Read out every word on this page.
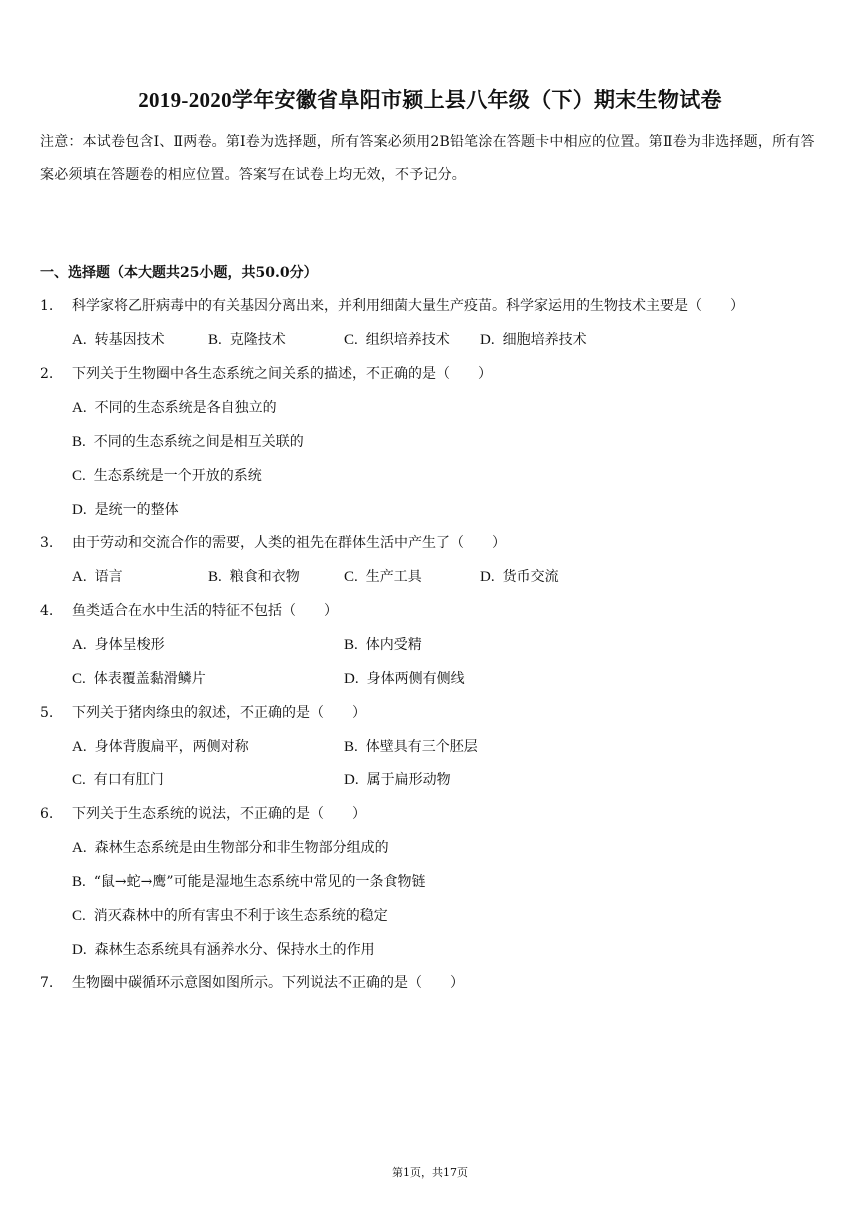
2019-2020学年安徽省阜阳市颍上县八年级（下）期末生物试卷
注意：本试卷包含Ⅰ、Ⅱ两卷。第Ⅰ卷为选择题，所有答案必须用2B铅笔涂在答题卡中相应的位置。第Ⅱ卷为非选择题，所有答案必须填在答题卷的相应位置。答案写在试卷上均无效，不予记分。
一、选择题（本大题共25小题，共50.0分）
1. 科学家将乙肝病毒中的有关基因分离出来，并利用细菌大量生产疫苗。科学家运用的生物技术主要是（　　）
A. 转基因技术	B. 克隆技术	C. 组织培养技术 D. 细胞培养技术
2. 下列关于生物圈中各生态系统之间关系的描述，不正确的是（　　）
A. 不同的生态系统是各自独立的
B. 不同的生态系统之间是相互关联的
C. 生态系统是一个开放的系统
D. 是统一的整体
3. 由于劳动和交流合作的需要，人类的祖先在群体生活中产生了（　　）
A. 语言	B. 粮食和衣物	C. 生产工具	D. 货币交流
4. 鱼类适合在水中生活的特征不包括（　　）
A. 身体呈梭形	B. 体内受精
C. 体表覆盖黏滑鳞片	D. 身体两侧有侧线
5. 下列关于猪肉绦虫的叙述，不正确的是（　　）
A. 身体背腹扁平，两侧对称	B. 体壁具有三个胚层
C. 有口有肛门	D. 属于扁形动物
6. 下列关于生态系统的说法，不正确的是（　　）
A. 森林生态系统是由生物部分和非生物部分组成的
B. “鼠→蛇→鹰”可能是湿地生态系统中常见的一条食物链
C. 消灭森林中的所有害虫不利于该生态系统的稳定
D. 森林生态系统具有涵养水分、保持水土的作用
7. 生物圈中碳循环示意图如图所示。下列说法不正确的是（　　）
第1页，共17页
